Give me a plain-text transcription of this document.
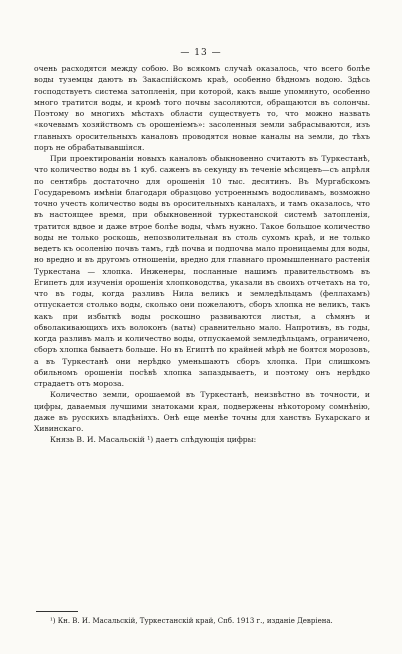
— 13 —

очень расходятся между собою. Во всякомъ случаѣ оказалось, что всего болѣе воды туземцы даютъ въ Закаспійскомъ краѣ, особенно бѣдномъ водою. Здѣсь господствуетъ система затопленія, при которой, какъ выше упомянуто, особенно много тратится воды, и кромѣ того почвы засоляются, обращаются въ солончы. Поэтому во многихъ мѣстахъ области существуетъ то, что можно назвать «кочевымъ хозяйствомъ съ орошеніемъ»: засоленныя земли забрасываются, изъ главныхъ оросительныхъ каналовъ проводятся новые каналы на земли, до тѣхъ поръ не обрабатывавшіяся.

При проектированіи новыхъ каналовъ обыкновенно считаютъ въ Туркестанѣ, что количество воды въ 1 куб. саженъ въ секунду въ теченіе мѣсяцевъ—съ апрѣля по сентябрь достаточно для орошенія 10 тыс. десятинъ. Въ Мургабскомъ Государевомъ имѣніи благодаря образцово устроеннымъ водосливамъ, возможно точно учесть количество воды въ оросительныхъ каналахъ, и тамъ оказалось, что въ настоящее время, при обыкновенной туркестанской системѣ затопленія, тратится вдвое и даже втрое болѣе воды, чѣмъ нужно. Такое большое количество воды не только роскошь, непозволительная въ столь сухомъ краѣ, и не только ведетъ къ осоленію почвъ тамъ, гдѣ почва и подпочва мало проницаемы для воды, но вредно и въ другомъ отношеніи, вредно для главнаго промышленнаго растенія Туркестана — хлопка. Инженеры, посланные нашимъ правительствомъ въ Египетъ для изученія орошенія хлопководства, указали въ своихъ отчетахъ на то, что въ годы, когда разливъ Нила великъ и земледѣльцамъ (феллахамъ) отпускается столько воды, сколько они пожелаютъ, сборъ хлопка не великъ, такъ какъ при избыткѣ воды роскошно развиваются листья, а сѣмянъ и обволакивающихъ ихъ волоконъ (ваты) сравнительно мало. Напротивъ, въ годы, когда разливъ малъ и количество воды, отпускаемой земледѣльцамъ, ограничено, сборъ хлопка бываетъ больше. Но въ Египтѣ по крайней мѣрѣ не боятся морозовъ, а въ Туркестанѣ они нерѣдко уменьшаютъ сборъ хлопка. При слишкомъ обильномъ орошеніи посѣвѣ хлопка запаздываетъ, и поэтому онъ нерѣдко страдаетъ отъ мороза.

Количество земли, орошаемой въ Туркестанѣ, неизвѣстно въ точности, и цифры, даваемыя лучшими знатоками края, подвержены нѣкоторому сомнѣнію, даже въ русскихъ владѣніяхъ. Онѣ еще менѣе точны для ханствъ Бухарскаго и Хивинскаго.

Князь В. И. Масальскій ¹) даетъ слѣдующія цифры:

¹) Кн. В. И. Масальскій, Туркестанскій край, Спб. 1913 г., изданіе Девріена.
